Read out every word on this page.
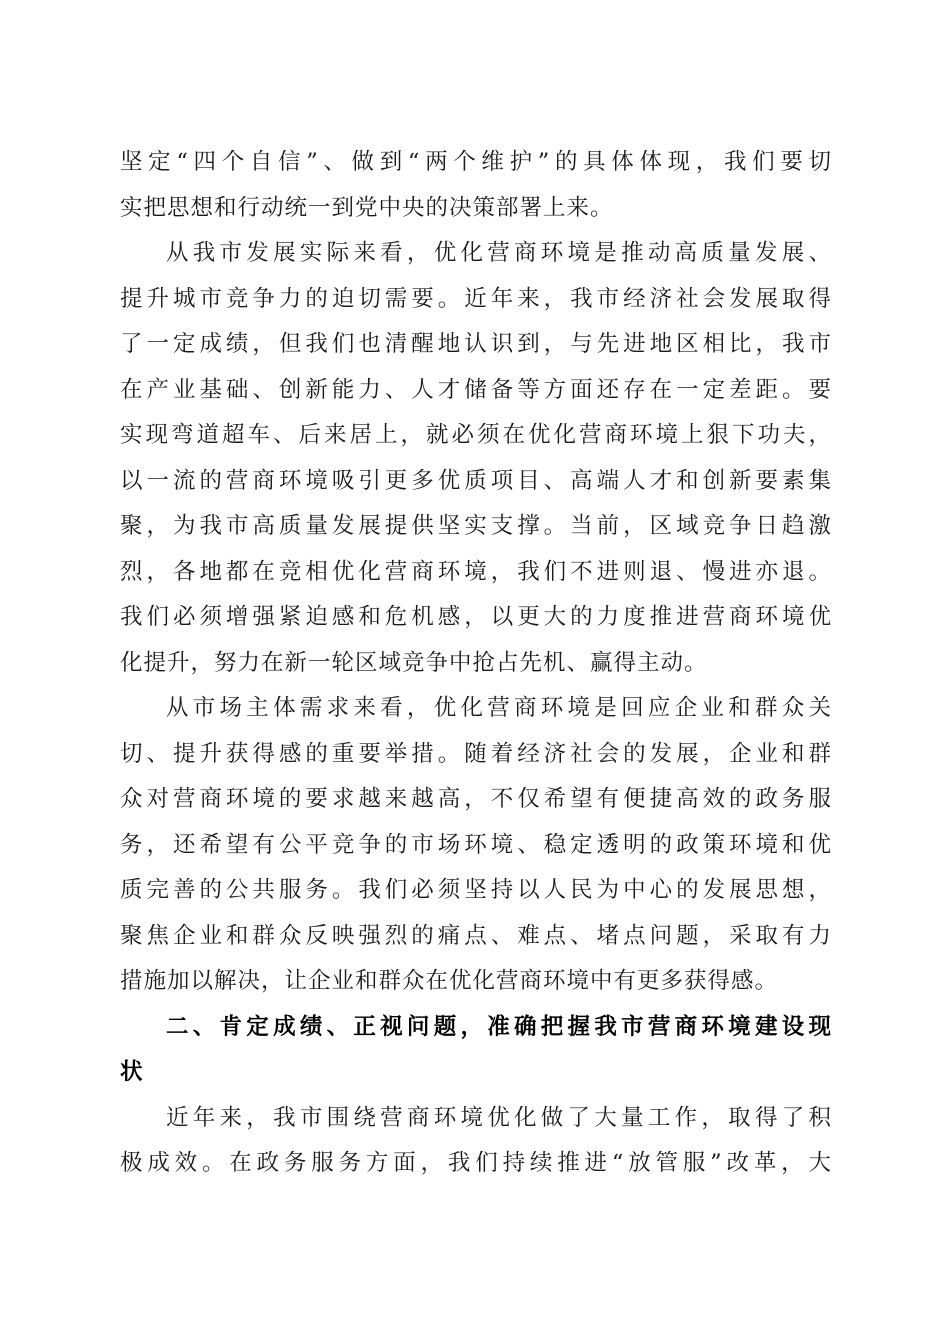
坚定“四个自信”、做到“两个维护”的具体体现，我们要切
实把思想和行动统一到党中央的决策部署上来。
从我市发展实际来看，优化营商环境是推动高质量发展、
提升城市竞争力的迫切需要。近年来，我市经济社会发展取得
了一定成绩，但我们也清醒地认识到，与先进地区相比，我市
在产业基础、创新能力、人才储备等方面还存在一定差距。要
实现弯道超车、后来居上，就必须在优化营商环境上狠下功夫，
以一流的营商环境吸引更多优质项目、高端人才和创新要素集
聚，为我市高质量发展提供坚实支撑。当前，区域竞争日趋激
烈，各地都在竞相优化营商环境，我们不进则退、慢进亦退。
我们必须增强紧迫感和危机感，以更大的力度推进营商环境优
化提升，努力在新一轮区域竞争中抢占先机、赢得主动。
从市场主体需求来看，优化营商环境是回应企业和群众关
切、提升获得感的重要举措。随着经济社会的发展，企业和群
众对营商环境的要求越来越高，不仅希望有便捷高效的政务服
务，还希望有公平竞争的市场环境、稳定透明的政策环境和优
质完善的公共服务。我们必须坚持以人民为中心的发展思想，
聚焦企业和群众反映强烈的痛点、难点、堵点问题，采取有力
措施加以解决，让企业和群众在优化营商环境中有更多获得感。
二、肯定成绩、正视问题，准确把握我市营商环境建设现
状
近年来，我市围绕营商环境优化做了大量工作，取得了积
极成效。在政务服务方面，我们持续推进“放管服”改革，大
